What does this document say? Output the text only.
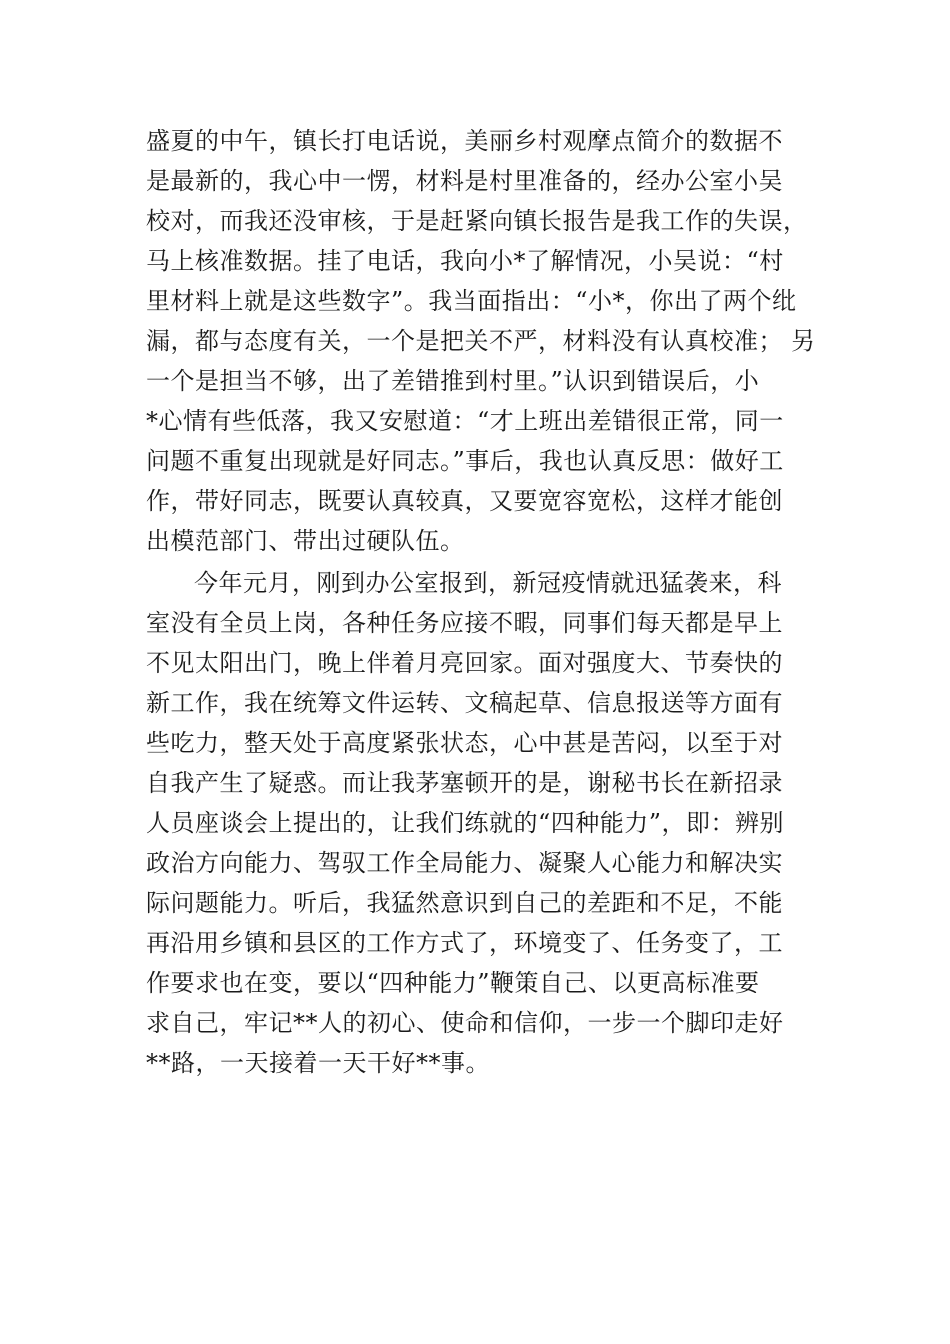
盛夏的中午，镇长打电话说，美丽乡村观摩点简介的数据不
是最新的，我心中一愣，材料是村里准备的，经办公室小吴
校对，而我还没审核，于是赶紧向镇长报告是我工作的失误，
马上核准数据。挂了电话，我向小*了解情况，小吴说：“村
里材料上就是这些数字”。我当面指出：“小*，你出了两个纰
漏，都与态度有关，一个是把关不严，材料没有认真校准； 另
一个是担当不够，出了差错推到村里。”认识到错误后，小
*心情有些低落，我又安慰道：“才上班出差错很正常，同一
问题不重复出现就是好同志。”事后，我也认真反思：做好工
作，带好同志，既要认真较真，又要宽容宽松，这样才能创
出模范部门、带出过硬队伍。
今年元月，刚到办公室报到，新冠疫情就迅猛袭来，科
室没有全员上岗，各种任务应接不暇，同事们每天都是早上
不见太阳出门，晚上伴着月亮回家。面对强度大、节奏快的
新工作，我在统筹文件运转、文稿起草、信息报送等方面有
些吃力，整天处于高度紧张状态，心中甚是苦闷，以至于对
自我产生了疑惑。而让我茅塞顿开的是，谢秘书长在新招录
人员座谈会上提出的，让我们练就的“四种能力”，即：辨别
政治方向能力、驾驭工作全局能力、凝聚人心能力和解决实
际问题能力。听后，我猛然意识到自己的差距和不足，不能
再沿用乡镇和县区的工作方式了，环境变了、任务变了，工
作要求也在变，要以“四种能力”鞭策自己、以更高标准要
求自己，牢记**人的初心、使命和信仰，一步一个脚印走好
**路，一天接着一天干好**事。
